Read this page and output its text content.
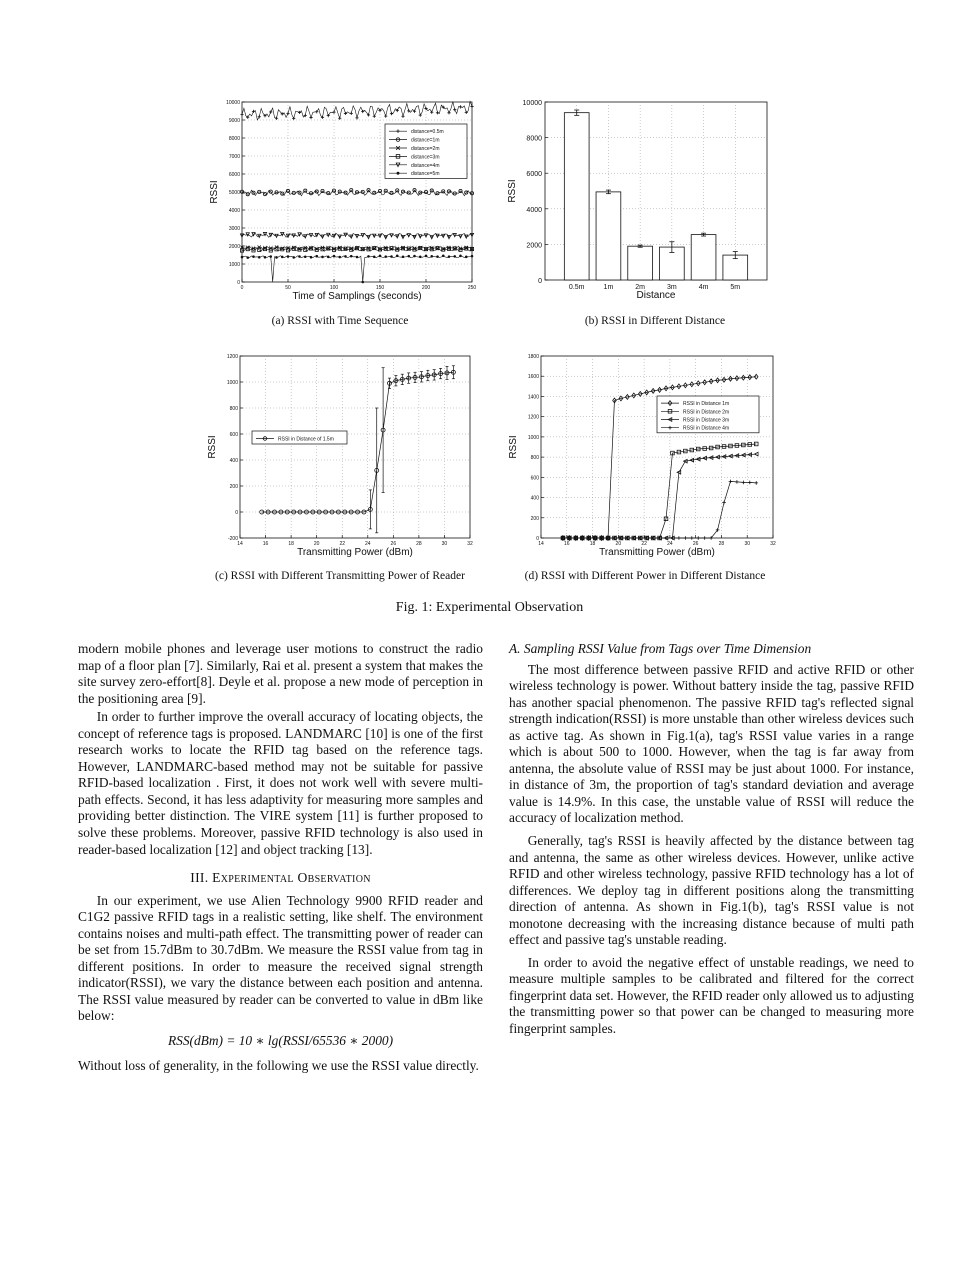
0
1000
2000
3000
4000
5000
6000
7000
8000
9000
10000
0	50	100	150	200	250
Time of Samplings (seconds)
RSSI
distance=0.5m
distance=1m
distance=2m
distance=3m
distance=4m
distance=5m
(a) RSSI with Time Sequence
0
2000
4000
6000
8000
10000
0.5m	1m	2m	3m	4m	5m
Distance
RSSI
(b) RSSI in Different Distance
-200
0
200
400
600
800
1000
1200
14	16	18	20	22	24	26	28	30	32
Transmitting Power (dBm)
RSSI	RSSI in Distance of 1.5m
(c) RSSI with Different Transmitting Power of Reader
0
200
400
600
800
1000
1200
1400
1600
1800
14	16	18	20	22	24	26	28	30	32
Transmitting Power (dBm)
RSSI
RSSI in Distance 1m
RSSI in Distance 2m
RSSI in Distance 3m
RSSI in Distance 4m
(d) RSSI with Different Power in Different Distance
Fig. 1: Experimental Observation

modern mobile phones and leverage user motions to construct the radio map of a floor plan [7]. Similarly, Rai et al. present a system that makes the site survey zero-effort[8]. Deyle et al. propose a new mode of perception in the positioning area [9].

In order to further improve the overall accuracy of locating objects, the concept of reference tags is proposed. LANDMARC [10] is one of the first research works to locate the RFID tag based on the reference tags. However, LANDMARC-based method may not be suitable for passive RFID-based localization . First, it does not work well with severe multi-path effects. Second, it has less adaptivity for measuring more samples and providing better distinction. The VIRE system [11] is further proposed to solve these problems. Moreover, passive RFID technology is also used in reader-based localization [12] and object tracking [13].

III. Experimental Observation

In our experiment, we use Alien Technology 9900 RFID reader and C1G2 passive RFID tags in a realistic setting, like shelf. The environment contains noises and multi-path effect. The transmitting power of reader can be set from 15.7dBm to 30.7dBm. We measure the RSSI value from tag in different positions. In order to measure the received signal strength indicator(RSSI), we vary the distance between each position and antenna. The RSSI value measured by reader can be converted to value in dBm like below:

RSS(dBm) = 10 ∗ lg(RSSI/65536 ∗ 2000)

Without loss of generality, in the following we use the RSSI value directly.

A. Sampling RSSI Value from Tags over Time Dimension

The most difference between passive RFID and active RFID or other wireless technology is power. Without battery inside the tag, passive RFID has another spacial phenomenon. The passive RFID tag's reflected signal strength indication(RSSI) is more unstable than other wireless devices such as active tag. As shown in Fig.1(a), tag's RSSI value varies in a range which is about 500 to 1000. However, when the tag is far away from antenna, the absolute value of RSSI may be just about 1000. For instance, in distance of 3m, the proportion of tag's standard deviation and average value is 14.9%. In this case, the unstable value of RSSI will reduce the accuracy of localization method.

Generally, tag's RSSI is heavily affected by the distance between tag and antenna, the same as other wireless devices. However, unlike active RFID and other wireless technology, passive RFID technology has a lot of differences. We deploy tag in different positions along the transmitting direction of antenna. As shown in Fig.1(b), tag's RSSI value is not monotone decreasing with the increasing distance because of multi path effect and passive tag's unstable reading.

In order to avoid the negative effect of unstable readings, we need to measure multiple samples to be calibrated and filtered for the correct fingerprint data set. However, the RFID reader only allowed us to adjusting the transmitting power so that power can be changed to measuring more fingerprint samples.
